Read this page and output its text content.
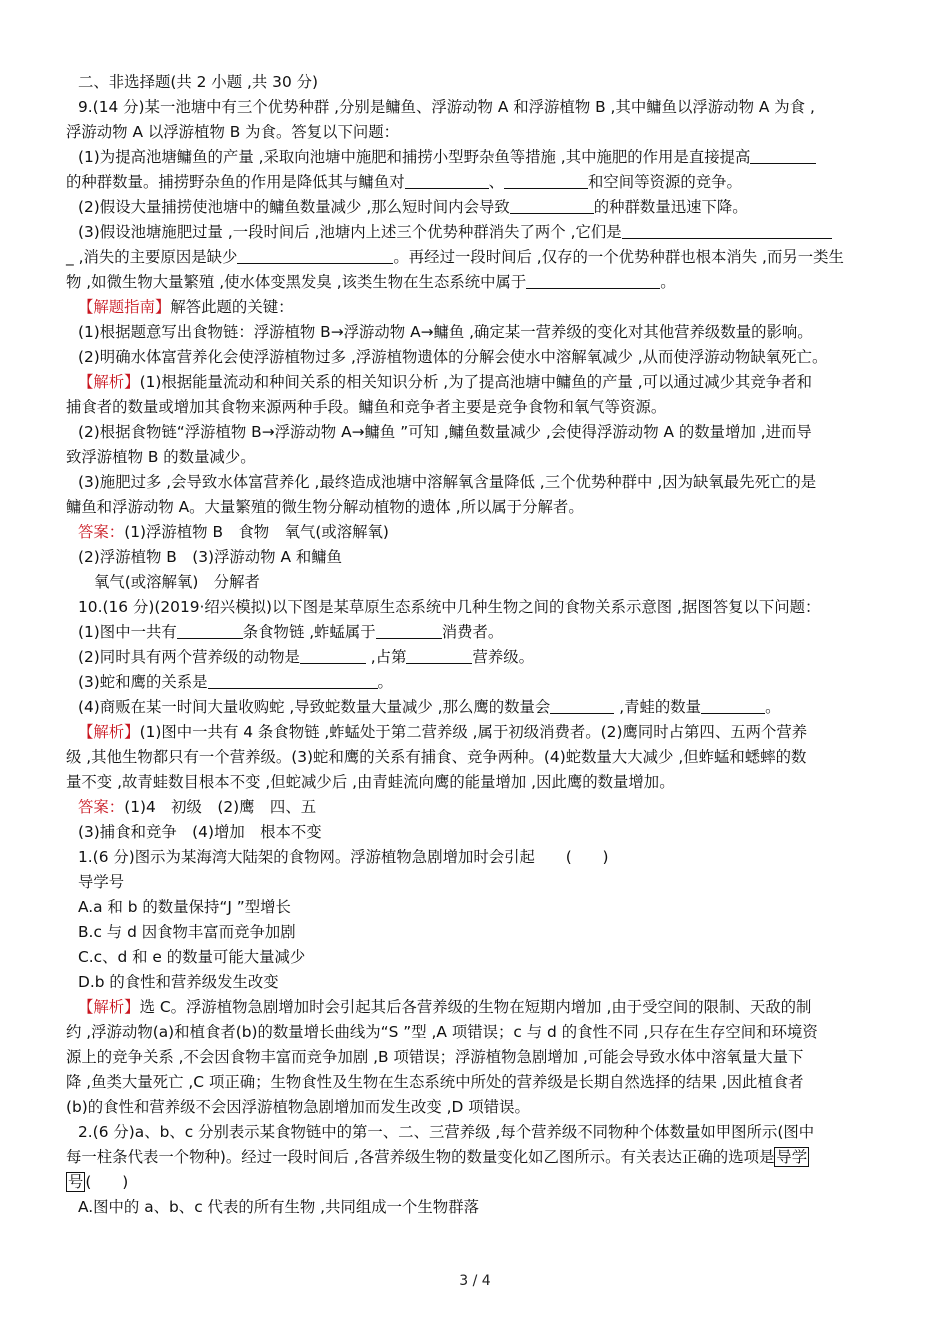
二、非选择题(共 2 小题 ,共 30 分)
9.(14 分)某一池塘中有三个优势种群 ,分别是鳙鱼、浮游动物 A 和浮游植物 B ,其中鳙鱼以浮游动物 A 为食 ,
浮游动物 A 以浮游植物 B 为食。答复以下问题：
(1)为提高池塘鳙鱼的产量 ,采取向池塘中施肥和捕捞小型野杂鱼等措施 ,其中施肥的作用是直接提高
的种群数量。捕捞野杂鱼的作用是降低其与鳙鱼对	、	和空间等资源的竞争。
(2)假设大量捕捞使池塘中的鳙鱼数量减少 ,那么短时间内会导致	的种群数量迅速下降。
(3)假设池塘施肥过量 ,一段时间后 ,池塘内上述三个优势种群消失了两个 ,它们是
_ ,消失的主要原因是缺少	。再经过一段时间后 ,仅存的一个优势种群也根本消失 ,而另一类生
物 ,如微生物大量繁殖 ,使水体变黑发臭 ,该类生物在生态系统中属于	。
【解题指南】解答此题的关键：
(1)根据题意写出食物链：浮游植物 B→浮游动物 A→鳙鱼 ,确定某一营养级的变化对其他营养级数量的影响。
(2)明确水体富营养化会使浮游植物过多 ,浮游植物遗体的分解会使水中溶解氧减少 ,从而使浮游动物缺氧死亡。
【解析】(1)根据能量流动和种间关系的相关知识分析 ,为了提高池塘中鳙鱼的产量 ,可以通过减少其竞争者和
捕食者的数量或增加其食物来源两种手段。鳙鱼和竞争者主要是竞争食物和氧气等资源。
(2)根据食物链“浮游植物 B→浮游动物 A→鳙鱼 ”可知 ,鳙鱼数量减少 ,会使得浮游动物 A 的数量增加 ,进而导
致浮游植物 B 的数量减少。
(3)施肥过多 ,会导致水体富营养化 ,最终造成池塘中溶解氧含量降低 ,三个优势种群中 ,因为缺氧最先死亡的是
鳙鱼和浮游动物 A。大量繁殖的微生物分解动植物的遗体 ,所以属于分解者。
答案：(1)浮游植物 B　食物　氧气(或溶解氧)
(2)浮游植物 B　(3)浮游动物 A 和鳙鱼
氧气(或溶解氧)　分解者
10.(16 分)(2019·绍兴模拟)以下图是某草原生态系统中几种生物之间的食物关系示意图 ,据图答复以下问题：
(1)图中一共有	条食物链 ,蚱蜢属于	消费者。
(2)同时具有两个营养级的动物是	,占第	营养级。
(3)蛇和鹰的关系是	。
(4)商贩在某一时间大量收购蛇 ,导致蛇数量大量减少 ,那么鹰的数量会	,青蛙的数量	。
【解析】(1)图中一共有 4 条食物链 ,蚱蜢处于第二营养级 ,属于初级消费者。(2)鹰同时占第四、五两个营养
级 ,其他生物都只有一个营养级。(3)蛇和鹰的关系有捕食、竞争两种。(4)蛇数量大大减少 ,但蚱蜢和蟋蟀的数
量不变 ,故青蛙数目根本不变 ,但蛇减少后 ,由青蛙流向鹰的能量增加 ,因此鹰的数量增加。
答案：(1)4　初级　(2)鹰　四、五
(3)捕食和竞争　(4)增加　根本不变
1.(6 分)图示为某海湾大陆架的食物网。浮游植物急剧增加时会引起　　(　　)
导学号
A.a 和 b 的数量保持“J ”型增长
B.c 与 d 因食物丰富而竞争加剧
C.c、d 和 e 的数量可能大量减少
D.b 的食性和营养级发生改变
【解析】选 C。浮游植物急剧增加时会引起其后各营养级的生物在短期内增加 ,由于受空间的限制、天敌的制
约 ,浮游动物(a)和植食者(b)的数量增长曲线为“S ”型 ,A 项错误；c 与 d 的食性不同 ,只存在生存空间和环境资
源上的竞争关系 ,不会因食物丰富而竞争加剧 ,B 项错误；浮游植物急剧增加 ,可能会导致水体中溶氧量大量下
降 ,鱼类大量死亡 ,C 项正确；生物食性及生物在生态系统中所处的营养级是长期自然选择的结果 ,因此植食者
(b)的食性和营养级不会因浮游植物急剧增加而发生改变 ,D 项错误。
2.(6 分)a、b、c 分别表示某食物链中的第一、二、三营养级 ,每个营养级不同物种个体数量如甲图所示(图中
每一柱条代表一个物种)。经过一段时间后 ,各营养级生物的数量变化如乙图所示。有关表达正确的选项是 导学
号 (　　)
A.图中的 a、b、c 代表的所有生物 ,共同组成一个生物群落
3 / 4
